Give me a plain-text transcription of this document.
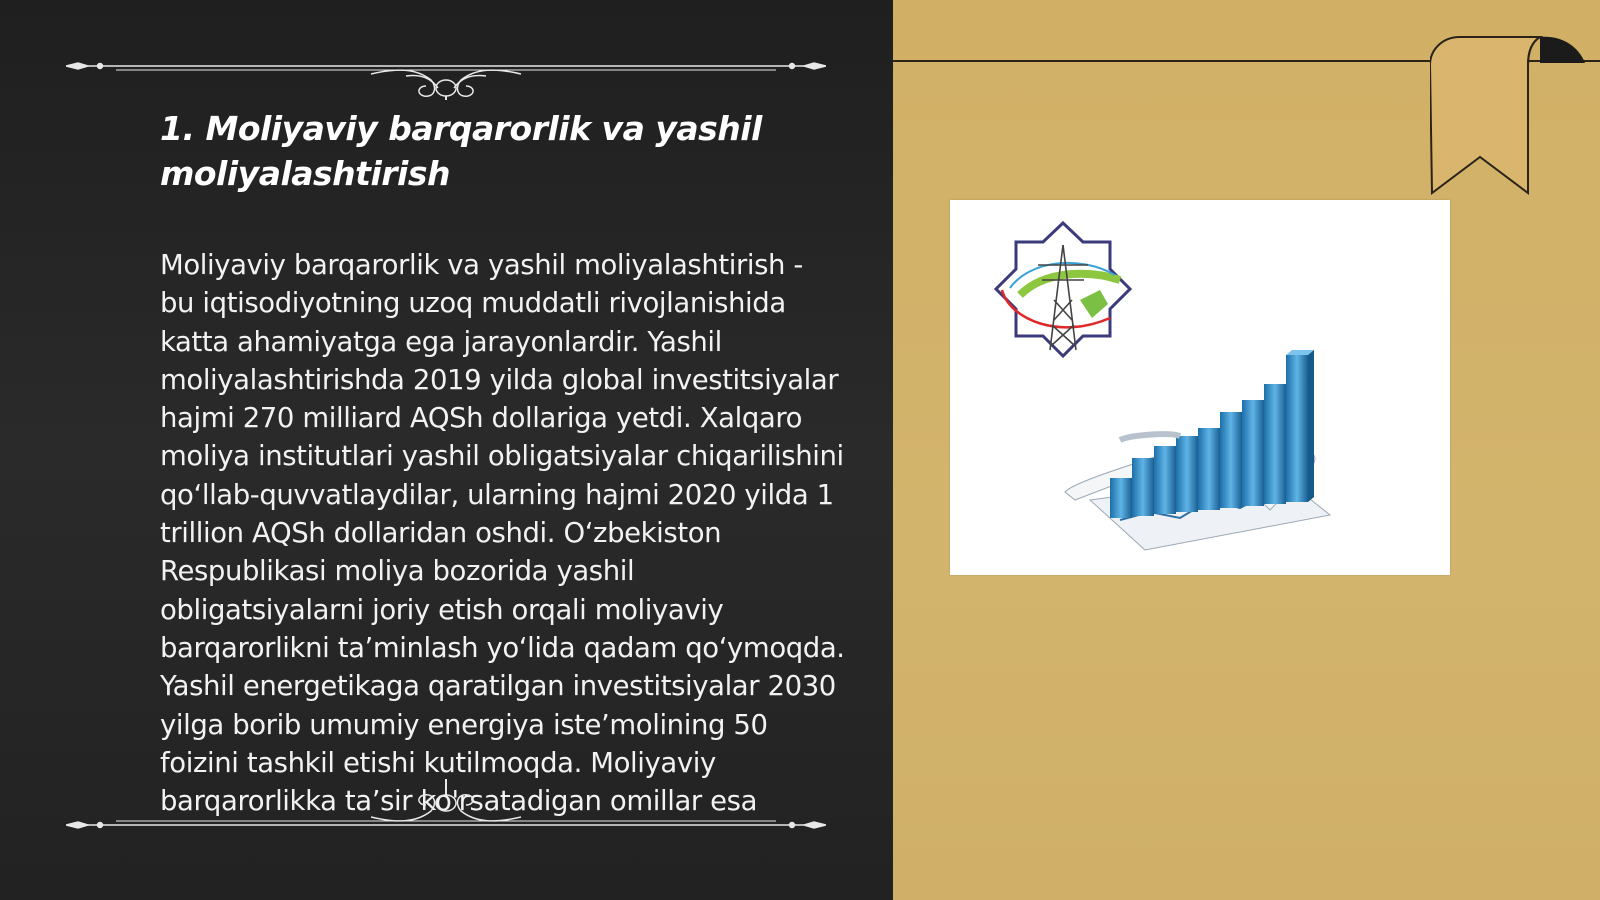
1. Moliyaviy barqarorlik va yashil moliyalashtirish

Moliyaviy barqarorlik va yashil moliyalashtirish - bu iqtisodiyotning uzoq muddatli rivojlanishida katta ahamiyatga ega jarayonlardir. Yashil moliyalashtirishda 2019 yilda global investitsiyalar hajmi 270 milliard AQSh dollariga yetdi. Xalqaro moliya institutlari yashil obligatsiyalar chiqarilishini qo‘llab-quvvatlaydilar, ularning hajmi 2020 yilda 1 trillion AQSh dollaridan oshdi. O‘zbekiston Respublikasi moliya bozorida yashil obligatsiyalarni joriy etish orqali moliyaviy barqarorlikni ta’minlash yo‘lida qadam qo‘ymoqda. Yashil energetikaga qaratilgan investitsiyalar 2030 yilga borib umumiy energiya iste’molining 50 foizini tashkil etishi kutilmoqda. Moliyaviy barqarorlikka ta’sir ko'rsatadigan omillar esa
